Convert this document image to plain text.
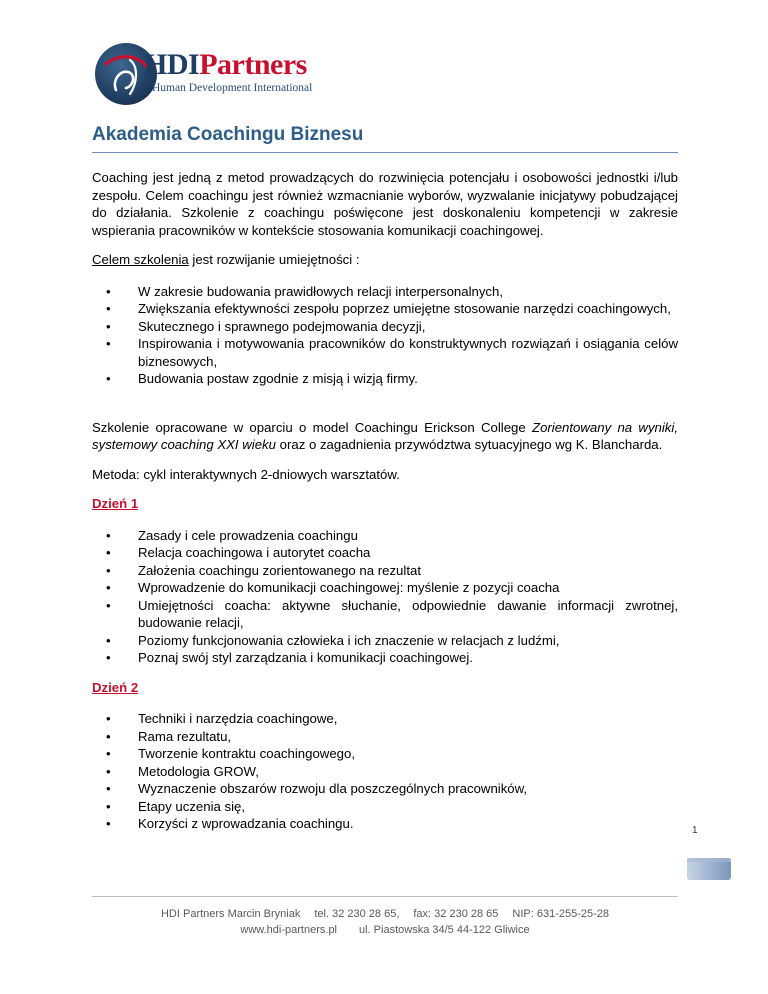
HDIPartners
Human Development International
Akademia Coachingu Biznesu

Coaching jest jedną z metod prowadzących do rozwinięcia potencjału i osobowości jednostki i/lub zespołu. Celem coachingu jest również wzmacnianie wyborów, wyzwalanie inicjatywy pobudzającej do działania. Szkolenie z coachingu poświęcone jest doskonaleniu kompetencji w zakresie wspierania pracowników w kontekście stosowania komunikacji coachingowej.

Celem szkolenia jest rozwijanie umiejętności :

• W zakresie budowania prawidłowych relacji interpersonalnych,
• Zwiększania efektywności zespołu poprzez umiejętne stosowanie narzędzi coachingowych,
• Skutecznego i sprawnego podejmowania decyzji,
• Inspirowania i motywowania pracowników do konstruktywnych rozwiązań i osiągania celów biznesowych,
• Budowania postaw zgodnie z misją i wizją firmy.

Szkolenie opracowane w oparciu o model Coachingu Erickson College Zorientowany na wyniki, systemowy coaching XXI wieku oraz o zagadnienia przywództwa sytuacyjnego wg K. Blancharda.

Metoda: cykl interaktywnych 2-dniowych warsztatów.

Dzień 1

• Zasady i cele prowadzenia coachingu
• Relacja coachingowa i autorytet coacha
• Założenia coachingu zorientowanego na rezultat
• Wprowadzenie do komunikacji coachingowej: myślenie z pozycji coacha
• Umiejętności coacha: aktywne słuchanie, odpowiednie dawanie informacji zwrotnej, budowanie relacji,
• Poziomy funkcjonowania człowieka i ich znaczenie w relacjach z ludźmi,
• Poznaj swój styl zarządzania i komunikacji coachingowej.

Dzień 2

• Techniki i narzędzia coachingowe,
• Rama rezultatu,
• Tworzenie kontraktu coachingowego,
• Metodologia GROW,
• Wyznaczenie obszarów rozwoju dla poszczególnych pracowników,
• Etapy uczenia się,
• Korzyści z wprowadzania coachingu.	1
HDI Partners Marcin Bryniak tel. 32 230 28 65, fax: 32 230 28 65 NIP: 631-255-25-28
www.hdi-partners.pl ul. Piastowska 34/5 44-122 Gliwice
